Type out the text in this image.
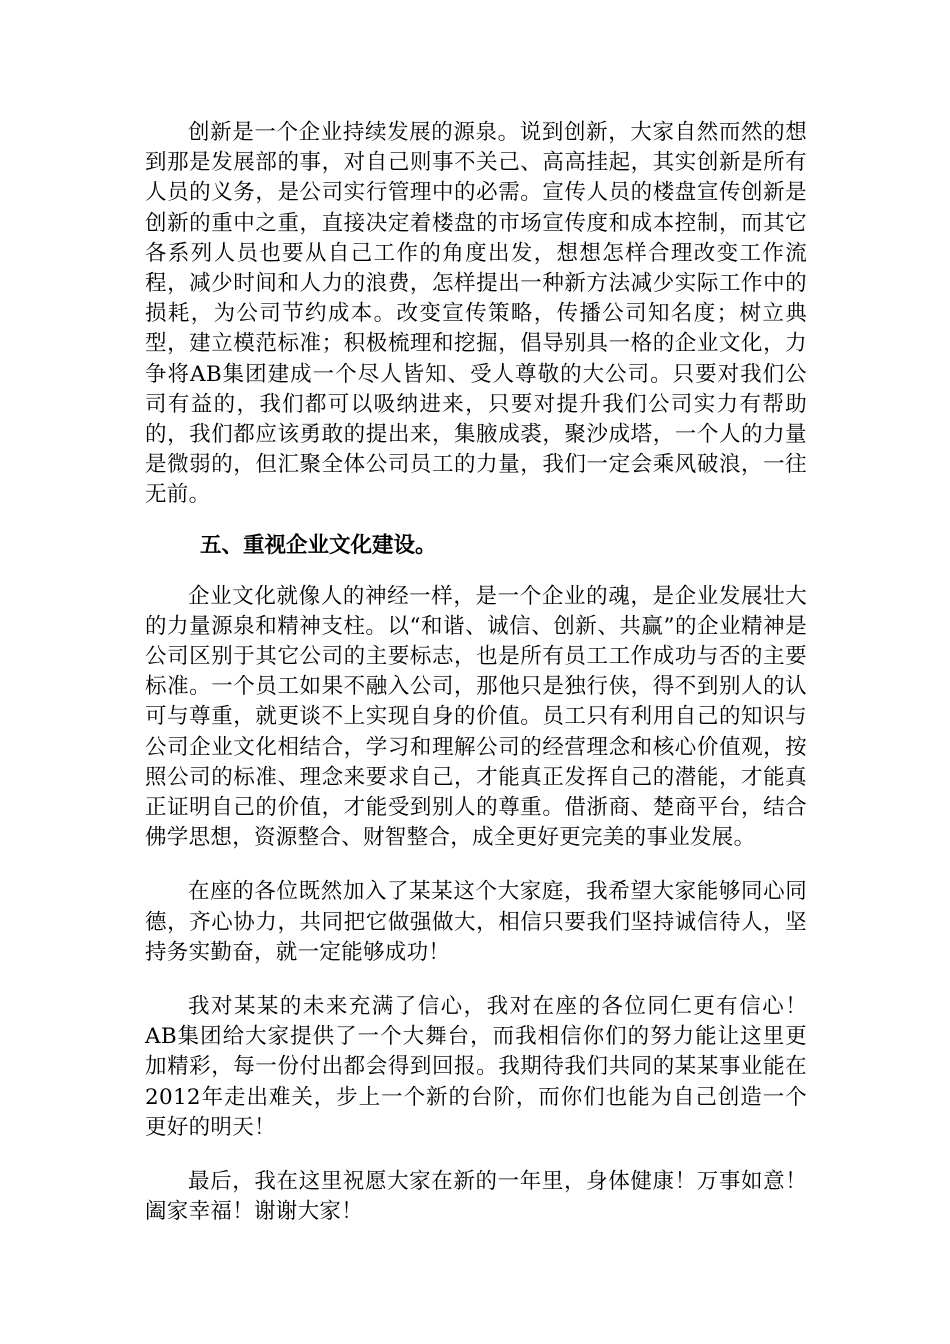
创新是一个企业持续发展的源泉。说到创新，大家自然而然的想到那是发展部的事，对自己则事不关己、高高挂起，其实创新是所有人员的义务，是公司实行管理中的必需。宣传人员的楼盘宣传创新是创新的重中之重，直接决定着楼盘的市场宣传度和成本控制，而其它各系列人员也要从自己工作的角度出发，想想怎样合理改变工作流程，减少时间和人力的浪费，怎样提出一种新方法减少实际工作中的损耗，为公司节约成本。改变宣传策略，传播公司知名度；树立典型，建立模范标准；积极梳理和挖掘，倡导别具一格的企业文化，力争将AB集团建成一个尽人皆知、受人尊敬的大公司。只要对我们公司有益的，我们都可以吸纳进来，只要对提升我们公司实力有帮助的，我们都应该勇敢的提出来，集腋成裘，聚沙成塔，一个人的力量是微弱的，但汇聚全体公司员工的力量，我们一定会乘风破浪，一往无前。

五、重视企业文化建设。

企业文化就像人的神经一样，是一个企业的魂，是企业发展壮大的力量源泉和精神支柱。以“和谐、诚信、创新、共赢”的企业精神是公司区别于其它公司的主要标志，也是所有员工工作成功与否的主要标准。一个员工如果不融入公司，那他只是独行侠，得不到别人的认可与尊重，就更谈不上实现自身的价值。员工只有利用自己的知识与公司企业文化相结合，学习和理解公司的经营理念和核心价值观，按照公司的标准、理念来要求自己，才能真正发挥自己的潜能，才能真正证明自己的价值，才能受到别人的尊重。借浙商、楚商平台，结合佛学思想，资源整合、财智整合，成全更好更完美的事业发展。

在座的各位既然加入了某某这个大家庭，我希望大家能够同心同德，齐心协力，共同把它做强做大，相信只要我们坚持诚信待人，坚持务实勤奋，就一定能够成功！

我对某某的未来充满了信心，我对在座的各位同仁更有信心！AB集团给大家提供了一个大舞台，而我相信你们的努力能让这里更加精彩，每一份付出都会得到回报。我期待我们共同的某某事业能在2012年走出难关，步上一个新的台阶，而你们也能为自己创造一个更好的明天！

最后，我在这里祝愿大家在新的一年里，身体健康！万事如意！阖家幸福！谢谢大家！
